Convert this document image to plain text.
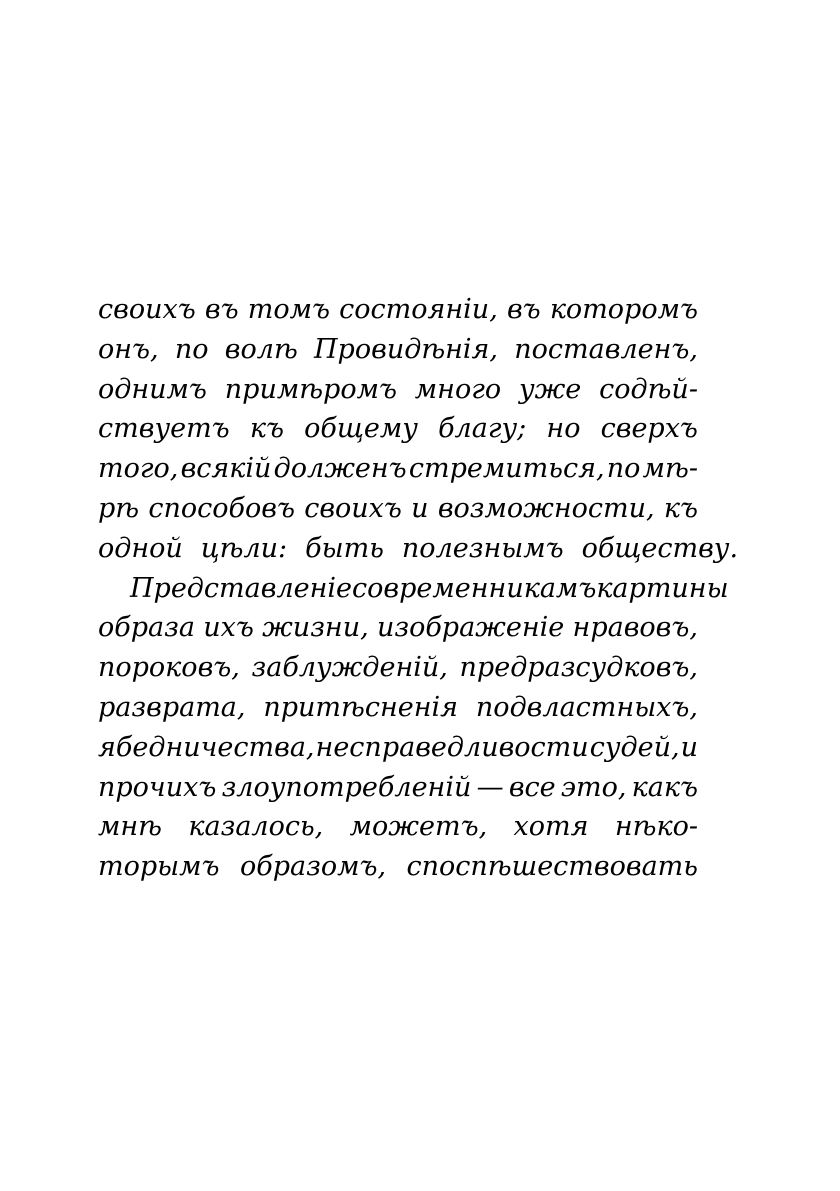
своихъ въ томъ состояніи, въ которомъ
онъ, по волѣ Провидѣнія, поставленъ,
однимъ примѣромъ много уже содѣй-
ствуетъ къ общему благу; но сверхъ
того, всякій долженъ стремиться, по мѣ-
рѣ способовъ своихъ и возможности, къ
одной цѣли: быть полезнымъ обществу.
Представленіе современникамъ картины
образа ихъ жизни, изображеніе нравовъ,
пороковъ, заблужденій, предразсудковъ,
разврата, притѣсненія подвластныхъ,
ябедничества, несправедливости судей, и
прочихъ злоупотребленій — все это, какъ
мнѣ казалось, можетъ, хотя нѣко-
торымъ образомъ, споспѣшествовать
